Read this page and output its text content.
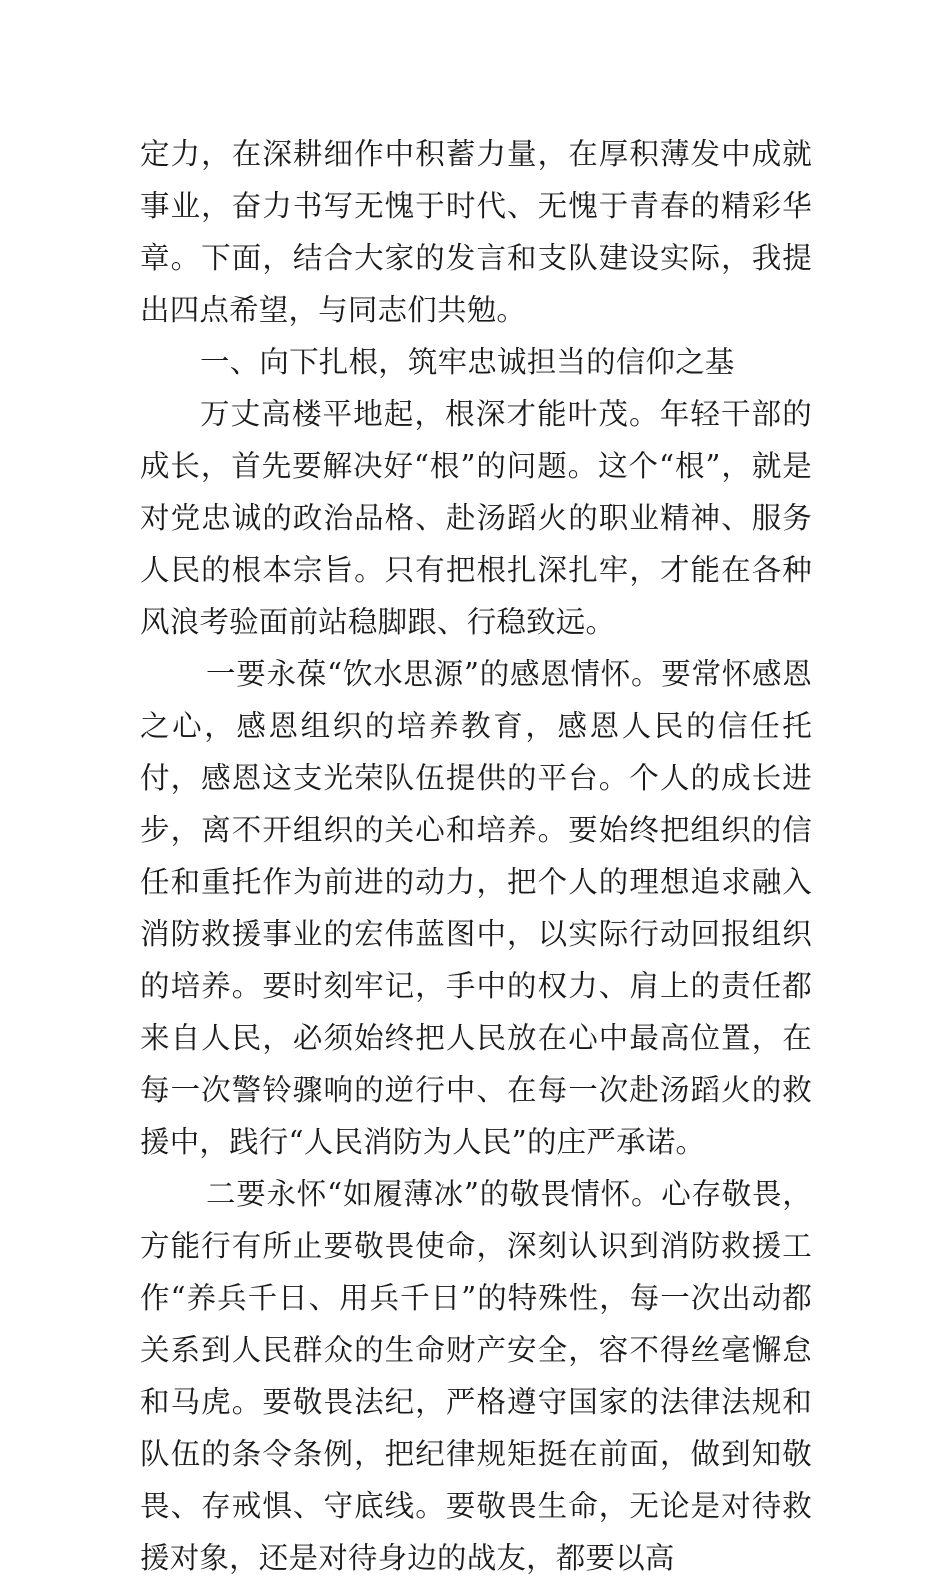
定力，在深耕细作中积蓄力量，在厚积薄发中成就事业，奋力书写无愧于时代、无愧于青春的精彩华章。下面，结合大家的发言和支队建设实际，我提出四点希望，与同志们共勉。

一、向下扎根，筑牢忠诚担当的信仰之基

万丈高楼平地起，根深才能叶茂。年轻干部的成长，首先要解决好“根”的问题。这个“根”，就是对党忠诚的政治品格、赴汤蹈火的职业精神、服务人民的根本宗旨。只有把根扎深扎牢，才能在各种风浪考验面前站稳脚跟、行稳致远。

一要永葆“饮水思源”的感恩情怀。要常怀感恩之心，感恩组织的培养教育，感恩人民的信任托付，感恩这支光荣队伍提供的平台。个人的成长进步，离不开组织的关心和培养。要始终把组织的信任和重托作为前进的动力，把个人的理想追求融入消防救援事业的宏伟蓝图中，以实际行动回报组织的培养。要时刻牢记，手中的权力、肩上的责任都来自人民，必须始终把人民放在心中最高位置，在每一次警铃骤响的逆行中、在每一次赴汤蹈火的救援中，践行“人民消防为人民”的庄严承诺。

二要永怀“如履薄冰”的敬畏情怀。心存敬畏，方能行有所止要敬畏使命，深刻认识到消防救援工作“养兵千日、用兵千日”的特殊性，每一次出动都关系到人民群众的生命财产安全，容不得丝毫懈怠和马虎。要敬畏法纪，严格遵守国家的法律法规和队伍的条令条例，把纪律规矩挺在前面，做到知敬畏、存戒惧、守底线。要敬畏生命，无论是对待救援对象，还是对待身边的战友，都要以高
